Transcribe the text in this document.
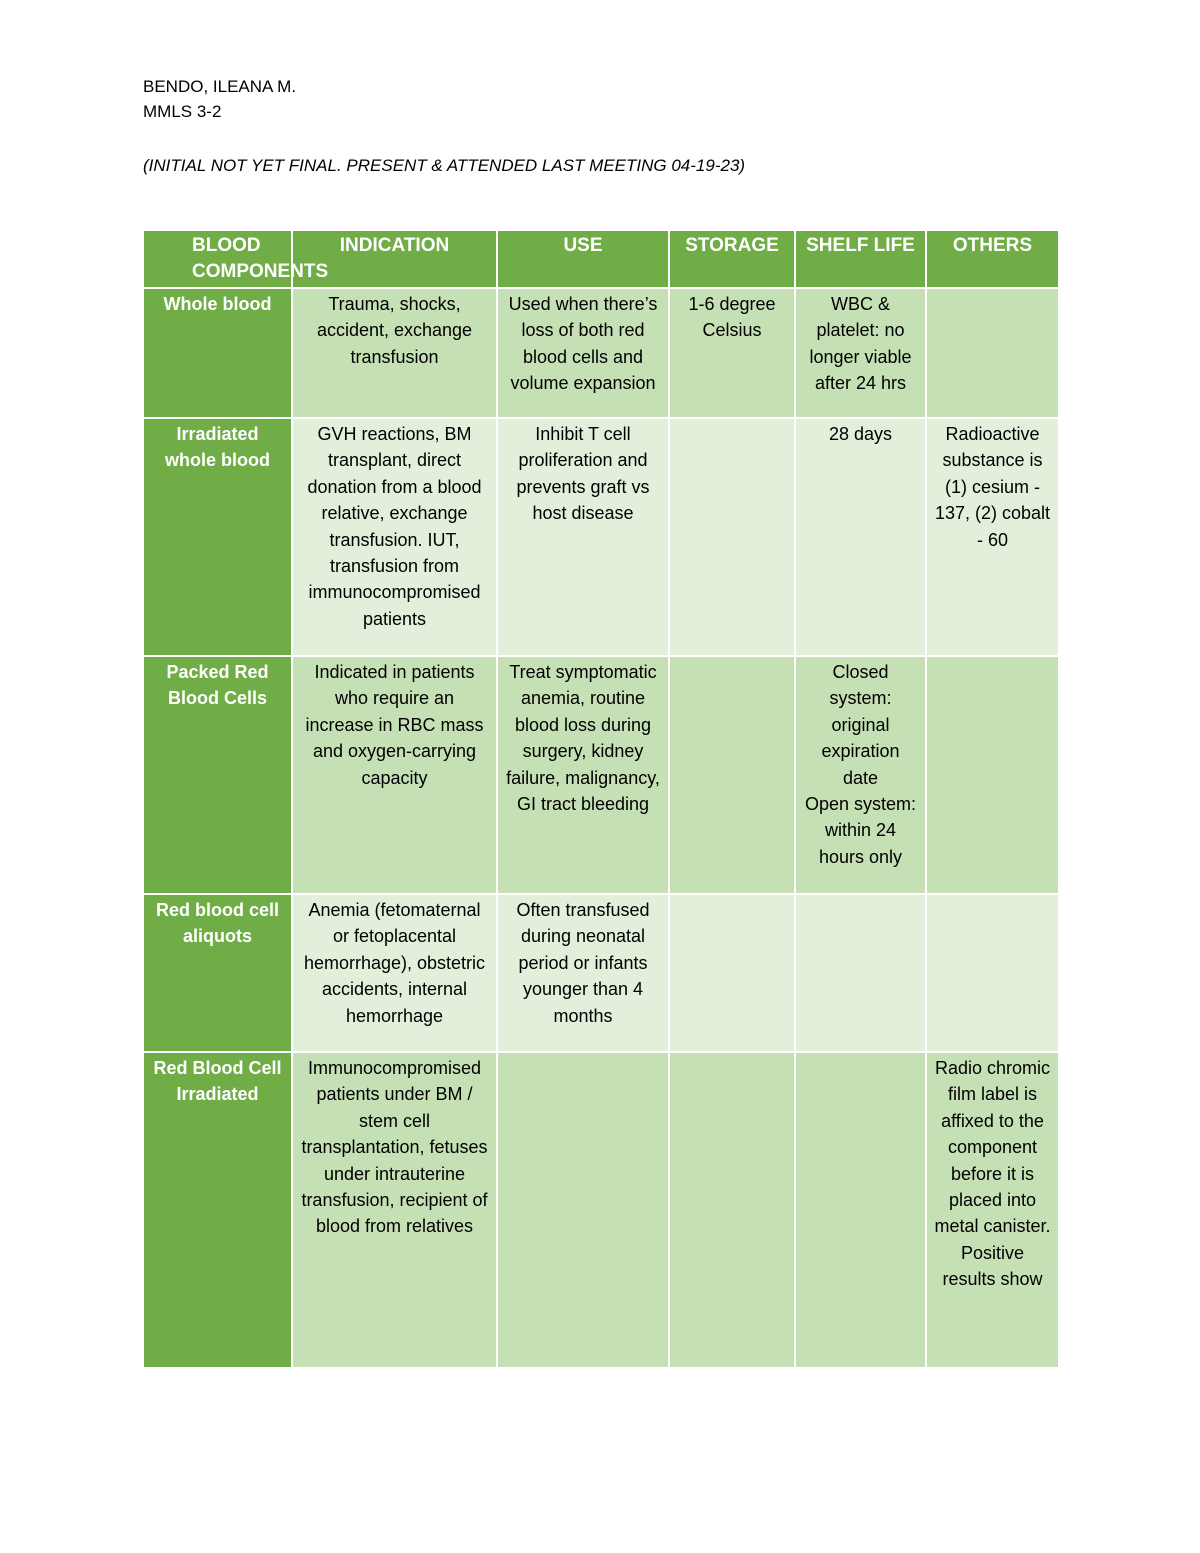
BENDO, ILEANA M.
MMLS 3-2
(INITIAL NOT YET FINAL. PRESENT & ATTENDED LAST MEETING 04-19-23)
BLOOD COMPONENTS	INDICATION	USE	STORAGE	SHELF LIFE	OTHERS
Whole blood	Trauma, shocks, accident, exchange transfusion	Used when there’s loss of both red blood cells and volume expansion	1-6 degree Celsius	WBC & platelet: no longer viable after 24 hrs	
Irradiated whole blood	GVH reactions, BM transplant, direct donation from a blood relative, exchange transfusion. IUT, transfusion from immunocompromised patients	Inhibit T cell proliferation and prevents graft vs host disease		28 days	Radioactive substance is (1) cesium - 137, (2) cobalt - 60
Packed Red Blood Cells	Indicated in patients who require an increase in RBC mass and oxygen-carrying capacity	Treat symptomatic anemia, routine blood loss during surgery, kidney failure, malignancy, GI tract bleeding		Closed system: original expiration date
Open system: within 24 hours only	
Red blood cell aliquots	Anemia (fetomaternal or fetoplacental hemorrhage), obstetric accidents, internal hemorrhage	Often transfused during neonatal period or infants younger than 4 months			
Red Blood Cell Irradiated	Immunocompromised patients under BM / stem cell transplantation, fetuses under intrauterine transfusion, recipient of blood from relatives				Radio chromic film label is affixed to the component before it is placed into metal canister. Positive results show
